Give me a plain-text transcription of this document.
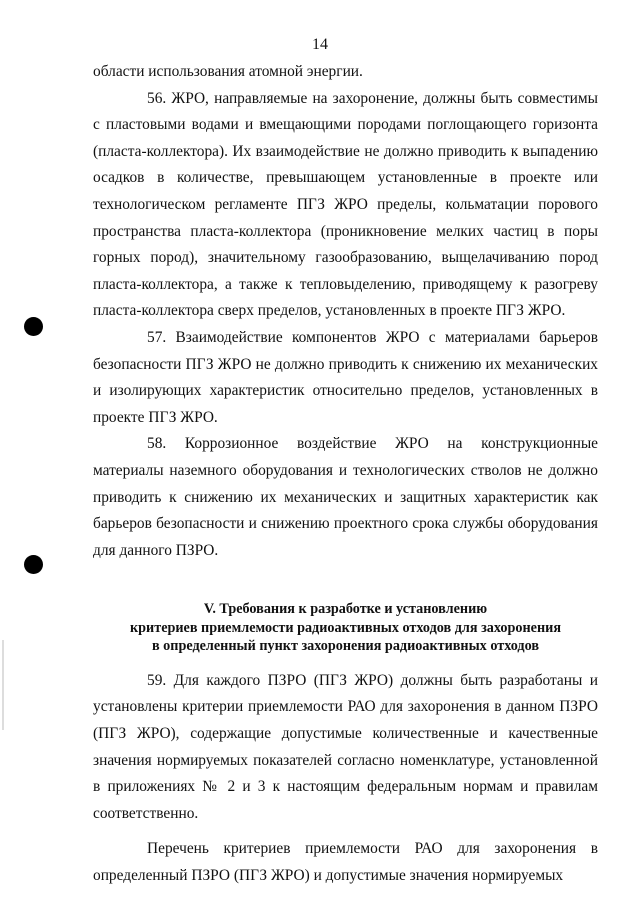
14

области использования атомной энергии.

56. ЖРО, направляемые на захоронение, должны быть совместимы с пластовыми водами и вмещающими породами поглощающего горизонта (пласта-коллектора). Их взаимодействие не должно приводить к выпадению осадков в количестве, превышающем установленные в проекте или технологическом регламенте ПГЗ ЖРО пределы, кольматации порового пространства пласта-коллектора (проникновение мелких частиц в поры горных пород), значительному газообразованию, выщелачиванию пород пласта-коллектора, а также к тепловыделению, приводящему к разогреву пласта-коллектора сверх пределов, установленных в проекте ПГЗ ЖРО.

57. Взаимодействие компонентов ЖРО с материалами барьеров безопасности ПГЗ ЖРО не должно приводить к снижению их механических и изолирующих характеристик относительно пределов, установленных в проекте ПГЗ ЖРО.

58. Коррозионное воздействие ЖРО на конструкционные материалы наземного оборудования и технологических стволов не должно приводить к снижению их механических и защитных характеристик как барьеров безопасности и снижению проектного срока службы оборудования для данного ПЗРО.

V. Требования к разработке и установлению
критериев приемлемости радиоактивных отходов для захоронения
в определенный пункт захоронения радиоактивных отходов

59. Для каждого ПЗРО (ПГЗ ЖРО) должны быть разработаны и установлены критерии приемлемости РАО для захоронения в данном ПЗРО (ПГЗ ЖРО), содержащие допустимые количественные и качественные значения нормируемых показателей согласно номенклатуре, установленной в приложениях № 2 и 3 к настоящим федеральным нормам и правилам соответственно.

Перечень критериев приемлемости РАО для захоронения в определенный ПЗРО (ПГЗ ЖРО) и допустимые значения нормируемых
